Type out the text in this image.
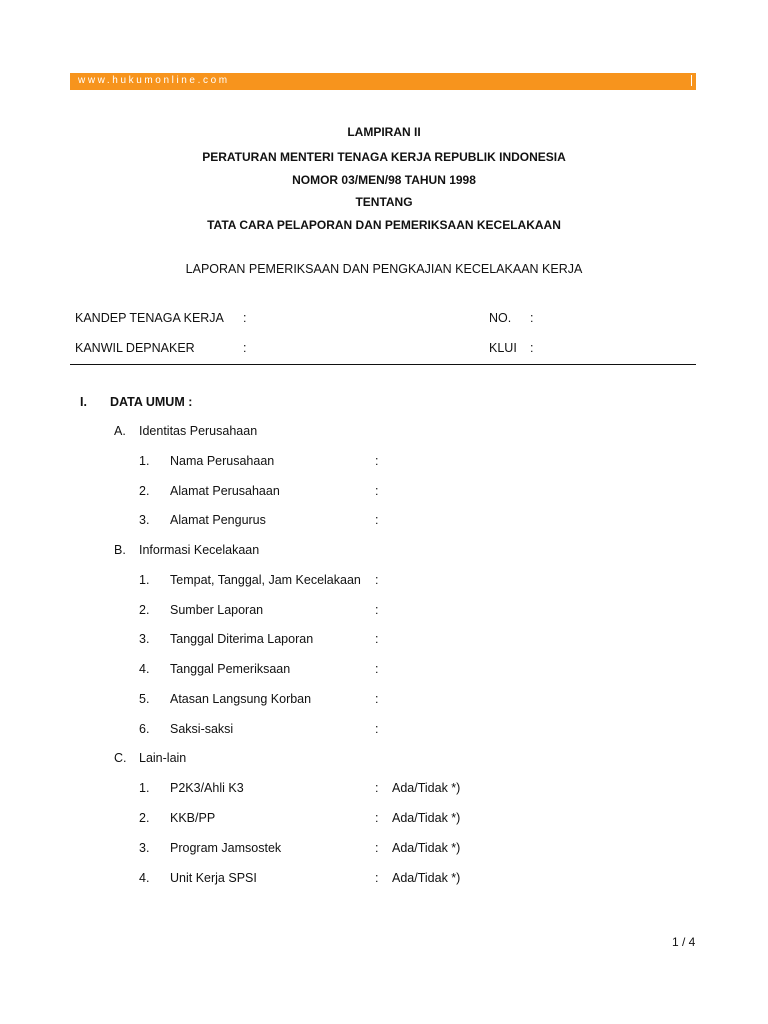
www.hukumonline.com
LAMPIRAN II
PERATURAN MENTERI TENAGA KERJA REPUBLIK INDONESIA
NOMOR 03/MEN/98 TAHUN 1998
TENTANG
TATA CARA PELAPORAN DAN PEMERIKSAAN KECELAKAAN
LAPORAN PEMERIKSAAN DAN PENGKAJIAN KECELAKAAN KERJA
KANDEP TENAGA KERJA :	NO. :
KANWIL DEPNAKER	:	KLUI :
I. DATA UMUM :
A. Identitas Perusahaan
1. Nama Perusahaan	:
2. Alamat Perusahaan	:
3. Alamat Pengurus	:
B. Informasi Kecelakaan
1. Tempat, Tanggal, Jam Kecelakaan :
2. Sumber Laporan	:
3. Tanggal Diterima Laporan	:
4. Tanggal Pemeriksaan	:
5. Atasan Langsung Korban	:
6. Saksi-saksi	:
C. Lain-lain
1. P2K3/Ahli K3	: Ada/Tidak *)
2. KKB/PP	: Ada/Tidak *)
3. Program Jamsostek	: Ada/Tidak *)
4. Unit Kerja SPSI	: Ada/Tidak *)
1 / 4
